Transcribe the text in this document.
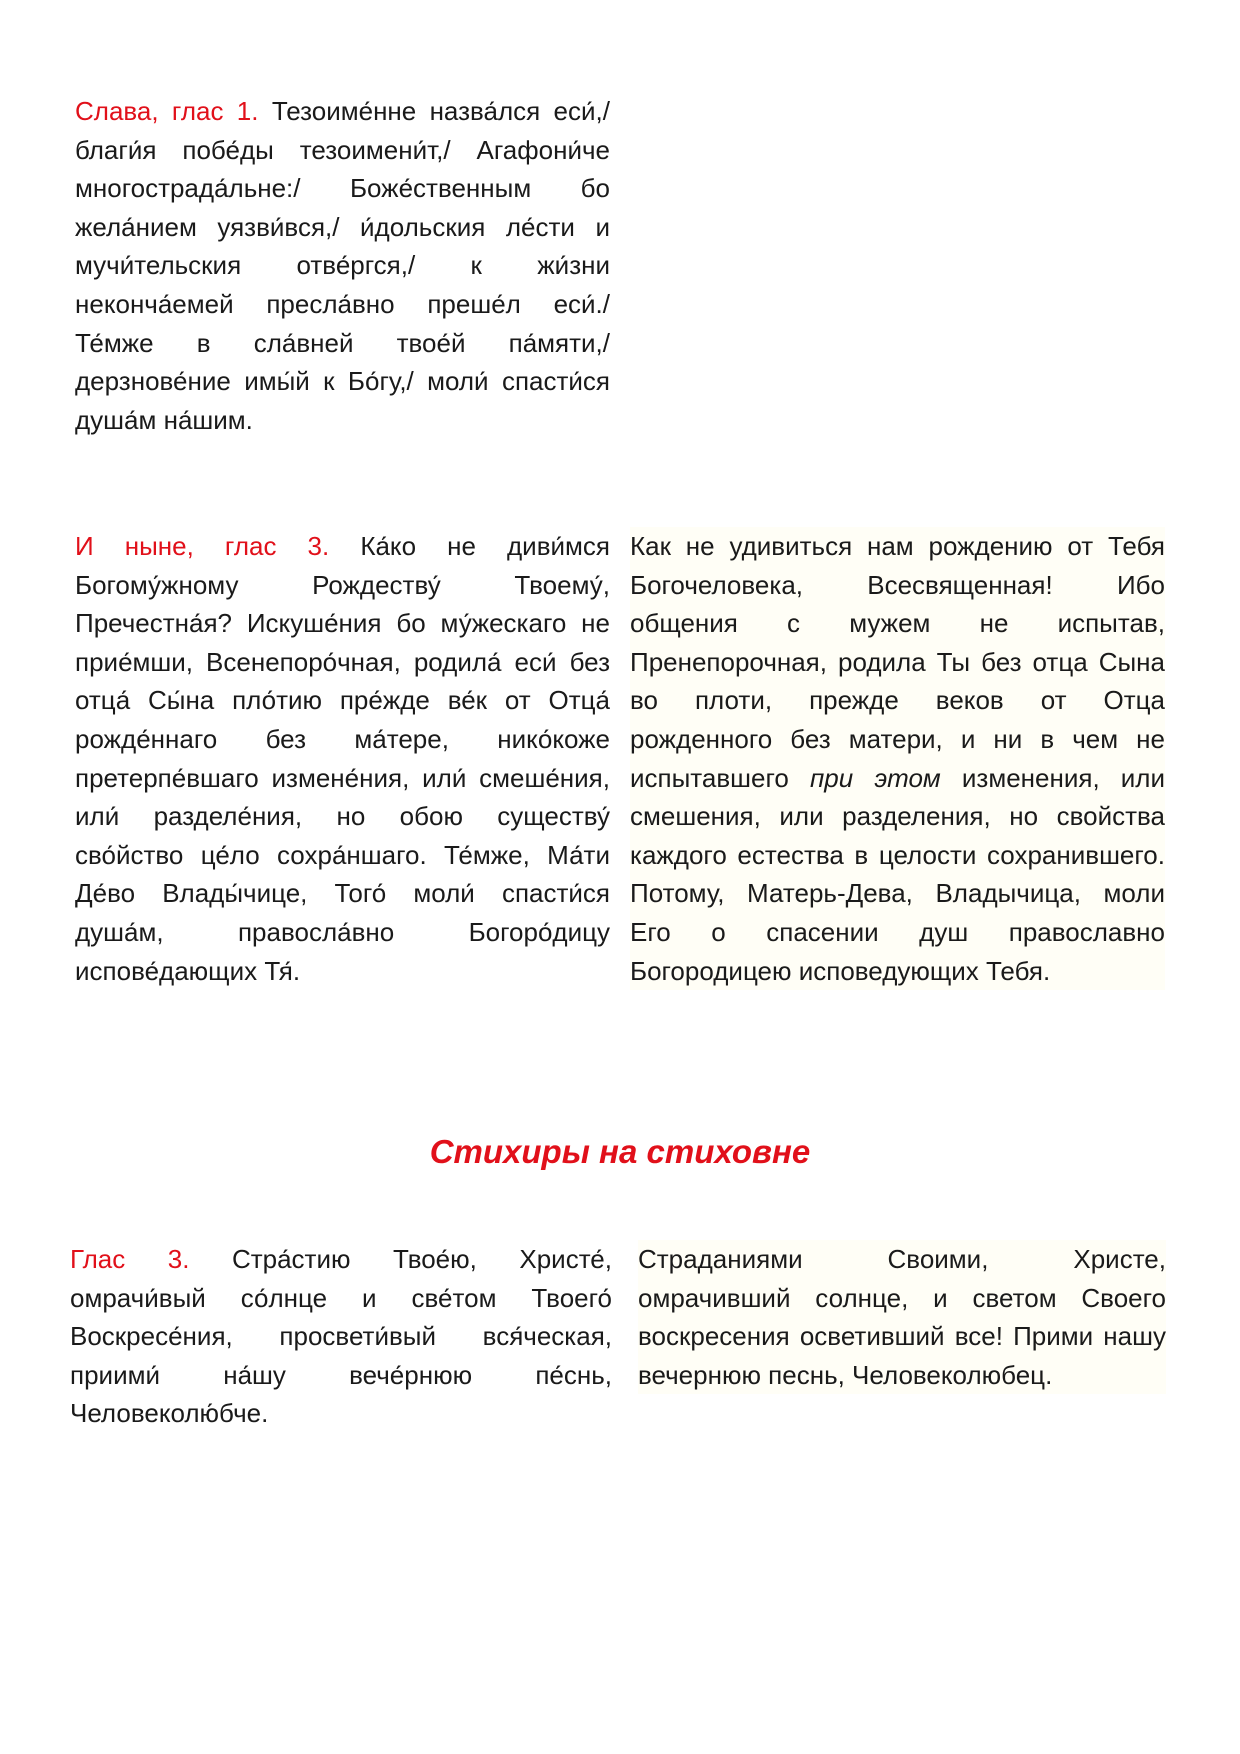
Слава, глас 1. Тезоиме́нне назва́лся еси́,/ благи́я побе́ды тезоимени́т,/ Агафони́че многострада́льне:/ Боже́ственным бо жела́нием уязви́вся,/ и́дольския ле́сти и мучи́тельския отве́ргся,/ к жи́зни неконча́емей пресла́вно преше́л еси́./ Те́мже в сла́вней твое́й па́мяти,/ дерзнове́ние имы́й к Бо́гу,/ моли́ спасти́ся душа́м на́шим.

И ныне, глас 3. Ка́ко не диви́мся Богому́жному Рождеству́ Твоему́, Пречестна́я? Искуше́ния бо му́жескаго не прие́мши, Всенепоро́чная, родила́ еси́ без отца́ Сы́на пло́тию пре́жде ве́к от Отца́ рожде́ннаго без ма́тере, нико́коже претерпе́вшаго измене́ния, или́ смеше́ния, или́ разделе́ния, но обою существу́ сво́йство це́ло сохра́ншаго. Те́мже, Ма́ти Де́во Влады́чице, Того́ моли́ спасти́ся душа́м, правосла́вно Богоро́дицу испове́дающих Тя́.

Как не удивиться нам рождению от Тебя Богочеловека, Всесвященная! Ибо общения с мужем не испытав, Пренепорочная, родила Ты без отца Сына во плоти, прежде веков от Отца рожденного без матери, и ни в чем не испытавшего при этом изменения, или смешения, или разделения, но свойства каждого естества в целости сохранившего. Потому, Матерь-Дева, Владычица, моли Его о спасении душ православно Богородицею исповедующих Тебя.

Стихиры на стиховне

Глас 3. Стра́стию Твое́ю, Христе́, омрачи́вый со́лнце и све́том Твоего́ Воскресе́ния, просвети́вый вся́ческая, приими́ на́шу вече́рнюю пе́снь, Человеколю́бче.

Страданиями Своими, Христе, омрачивший солнце, и светом Своего воскресения осветивший все! Прими нашу вечернюю песнь, Человеколюбец.
